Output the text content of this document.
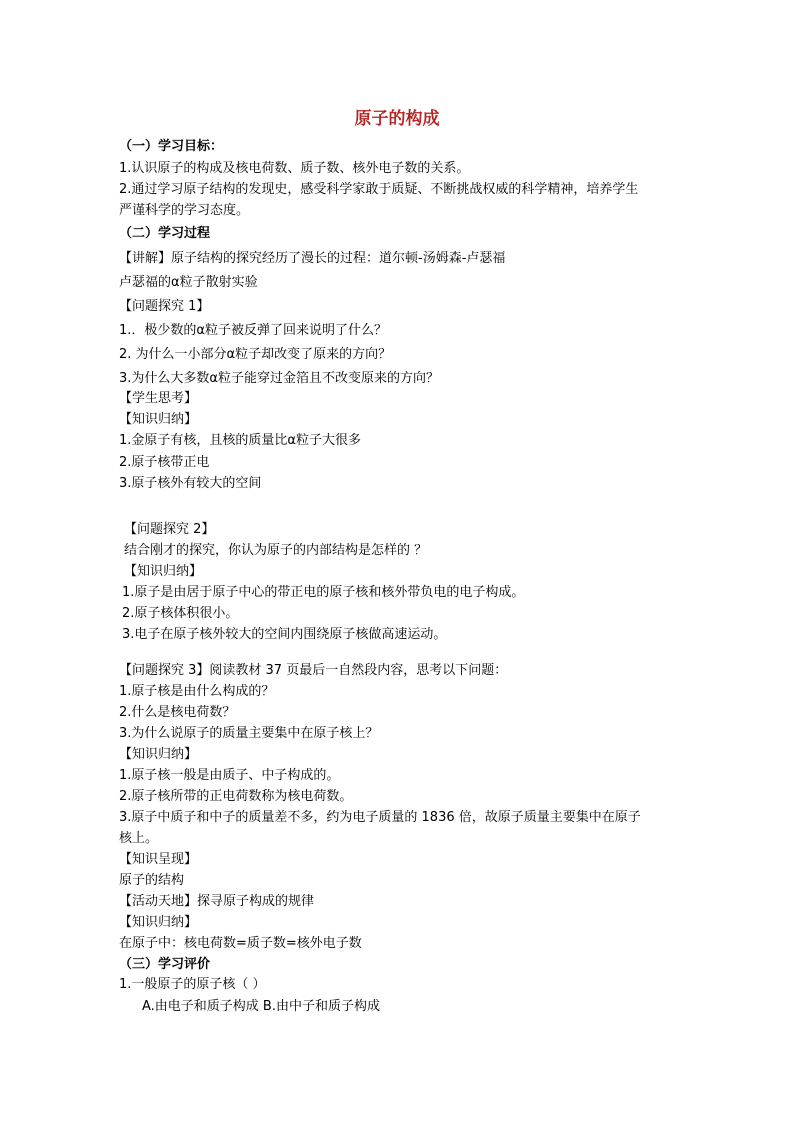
原子的构成
（一）学习目标：
1.认识原子的构成及核电荷数、质子数、核外电子数的关系。
2.通过学习原子结构的发现史，感受科学家敢于质疑、不断挑战权威的科学精神，培养学生
严谨科学的学习态度。
（二）学习过程
【讲解】原子结构的探究经历了漫长的过程：道尔顿-汤姆森-卢瑟福
卢瑟福的α粒子散射实验
【问题探究 1】
1.．极少数的α粒子被反弹了回来说明了什么？
2. 为什么一小部分α粒子却改变了原来的方向？
3.为什么大多数α粒子能穿过金箔且不改变原来的方向？
【学生思考】
【知识归纳】
1.金原子有核，且核的质量比α粒子大很多
2.原子核带正电
3.原子核外有较大的空间
【问题探究 2】
结合刚才的探究，你认为原子的内部结构是怎样的 ？
【知识归纳】
1.原子是由居于原子中心的带正电的原子核和核外带负电的电子构成。
2.原子核体积很小。
3.电子在原子核外较大的空间内围绕原子核做高速运动。
【问题探究 3】阅读教材 37 页最后一自然段内容，思考以下问题：
1.原子核是由什么构成的？
2.什么是核电荷数？
3.为什么说原子的质量主要集中在原子核上？
【知识归纳】
1.原子核一般是由质子、中子构成的。
2.原子核所带的正电荷数称为核电荷数。
3.原子中质子和中子的质量差不多，约为电子质量的 1836 倍，故原子质量主要集中在原子
核上。
【知识呈现】
原子的结构
【活动天地】探寻原子构成的规律
【知识归纳】
在原子中：核电荷数=质子数=核外电子数
（三）学习评价
1.一般原子的原子核（ ）
A.由电子和质子构成 B.由中子和质子构成
